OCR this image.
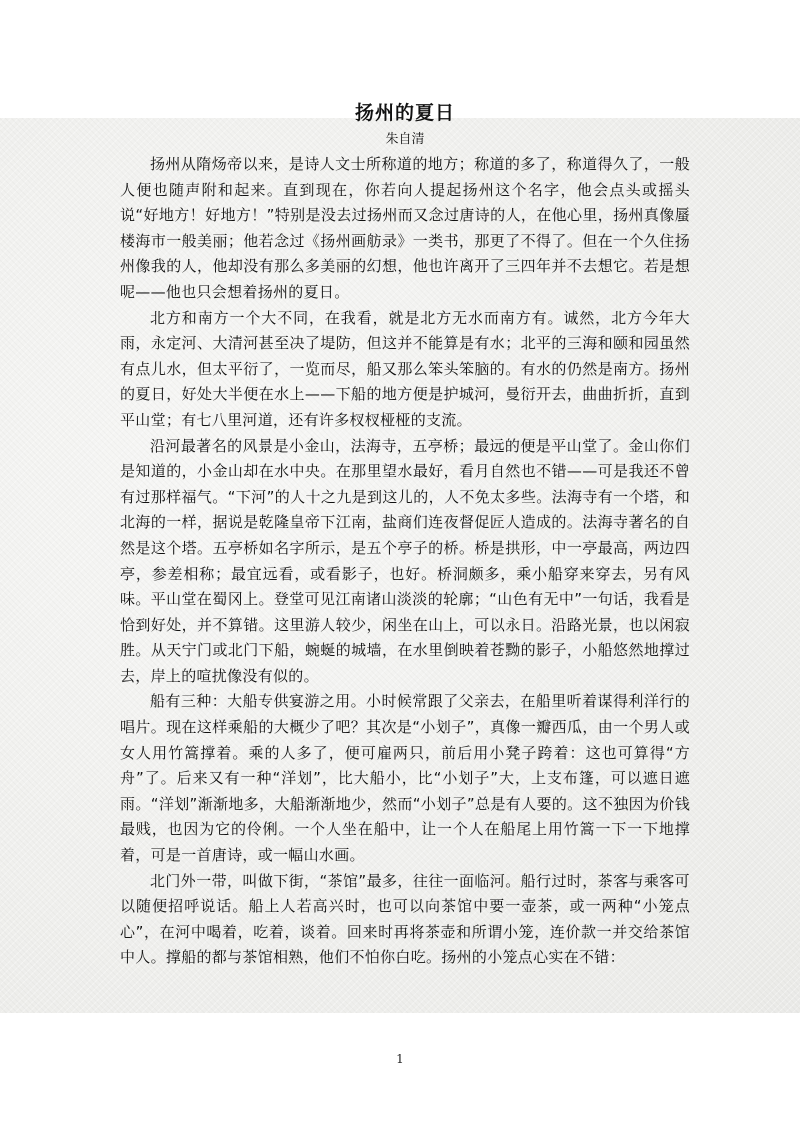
扬州的夏日
朱自清

扬州从隋炀帝以来，是诗人文士所称道的地方；称道的多了，称道得久了，一般人便也随声附和起来。直到现在，你若向人提起扬州这个名字，他会点头或摇头说“好地方！好地方！”特别是没去过扬州而又念过唐诗的人，在他心里，扬州真像蜃楼海市一般美丽；他若念过《扬州画舫录》一类书，那更了不得了。但在一个久住扬州像我的人，他却没有那么多美丽的幻想，他也许离开了三四年并不去想它。若是想呢——他也只会想着扬州的夏日。

北方和南方一个大不同，在我看，就是北方无水而南方有。诚然，北方今年大雨，永定河、大清河甚至决了堤防，但这并不能算是有水；北平的三海和颐和园虽然有点儿水，但太平衍了，一览而尽，船又那么笨头笨脑的。有水的仍然是南方。扬州的夏日，好处大半便在水上——下船的地方便是护城河，曼衍开去，曲曲折折，直到平山堂；有七八里河道，还有许多杈杈桠桠的支流。

沿河最著名的风景是小金山，法海寺，五亭桥；最远的便是平山堂了。金山你们是知道的，小金山却在水中央。在那里望水最好，看月自然也不错——可是我还不曾有过那样福气。“下河”的人十之九是到这儿的，人不免太多些。法海寺有一个塔，和北海的一样，据说是乾隆皇帝下江南，盐商们连夜督促匠人造成的。法海寺著名的自然是这个塔。五亭桥如名字所示，是五个亭子的桥。桥是拱形，中一亭最高，两边四亭，参差相称；最宜远看，或看影子，也好。桥洞颇多，乘小船穿来穿去，另有风味。平山堂在蜀冈上。登堂可见江南诸山淡淡的轮廓；“山色有无中”一句话，我看是恰到好处，并不算错。这里游人较少，闲坐在山上，可以永日。沿路光景，也以闲寂胜。从天宁门或北门下船，蜿蜒的城墙，在水里倒映着苍黝的影子，小船悠然地撑过去，岸上的喧扰像没有似的。

船有三种：大船专供宴游之用。小时候常跟了父亲去，在船里听着谋得利洋行的唱片。现在这样乘船的大概少了吧？其次是“小划子”，真像一瓣西瓜，由一个男人或女人用竹篙撑着。乘的人多了，便可雇两只，前后用小凳子跨着：这也可算得“方舟”了。后来又有一种“洋划”，比大船小，比“小划子”大，上支布篷，可以遮日遮雨。“洋划”渐渐地多，大船渐渐地少，然而“小划子”总是有人要的。这不独因为价钱最贱，也因为它的伶俐。一个人坐在船中，让一个人在船尾上用竹篙一下一下地撑着，可是一首唐诗，或一幅山水画。

北门外一带，叫做下街，“茶馆”最多，往往一面临河。船行过时，茶客与乘客可以随便招呼说话。船上人若高兴时，也可以向茶馆中要一壶茶，或一两种“小笼点心”，在河中喝着，吃着，谈着。回来时再将茶壶和所谓小笼，连价款一并交给茶馆中人。撑船的都与茶馆相熟，他们不怕你白吃。扬州的小笼点心实在不错：

1
